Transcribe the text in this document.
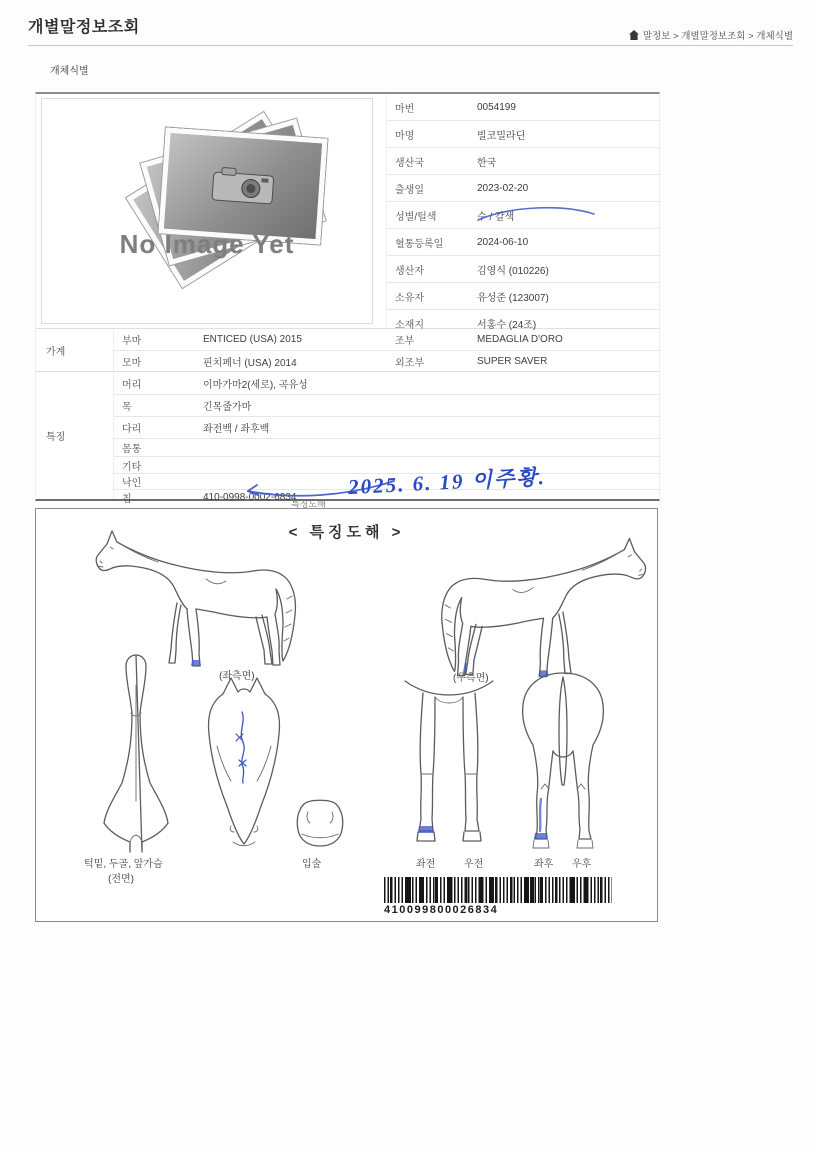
개별말정보조회
말정보 > 개별말정보조회 > 개체식별
개체식별
No Image Yet
마번	0054199
마명	빌코밀라딘
생산국	한국
출생일	2023-02-20
성별/털색	수 / 갈색
혈통등록일	2024-06-10
생산자	김영식 (010226)
소유자	유성준 (123007)
소재지	서홍수 (24조)
가계
부마	ENTICED (USA) 2015	조부	MEDAGLIA D'ORO
모마	핀치페너 (USA) 2014	외조부	SUPER SAVER
특징
머리	이마가마2(세로), 곡유성
목	긴목줄가마
다리	좌전백 / 좌후백
몸통
기타
낙인
칩	410-0998-0002-6834	2025. 6. 19 이주황.
특징도해
< 특징도해 >
(좌측면)	(우측면)
턱밑, 두골, 앞가슴
(전면)
입술	좌전	우전	좌후 우후
410099800026834
